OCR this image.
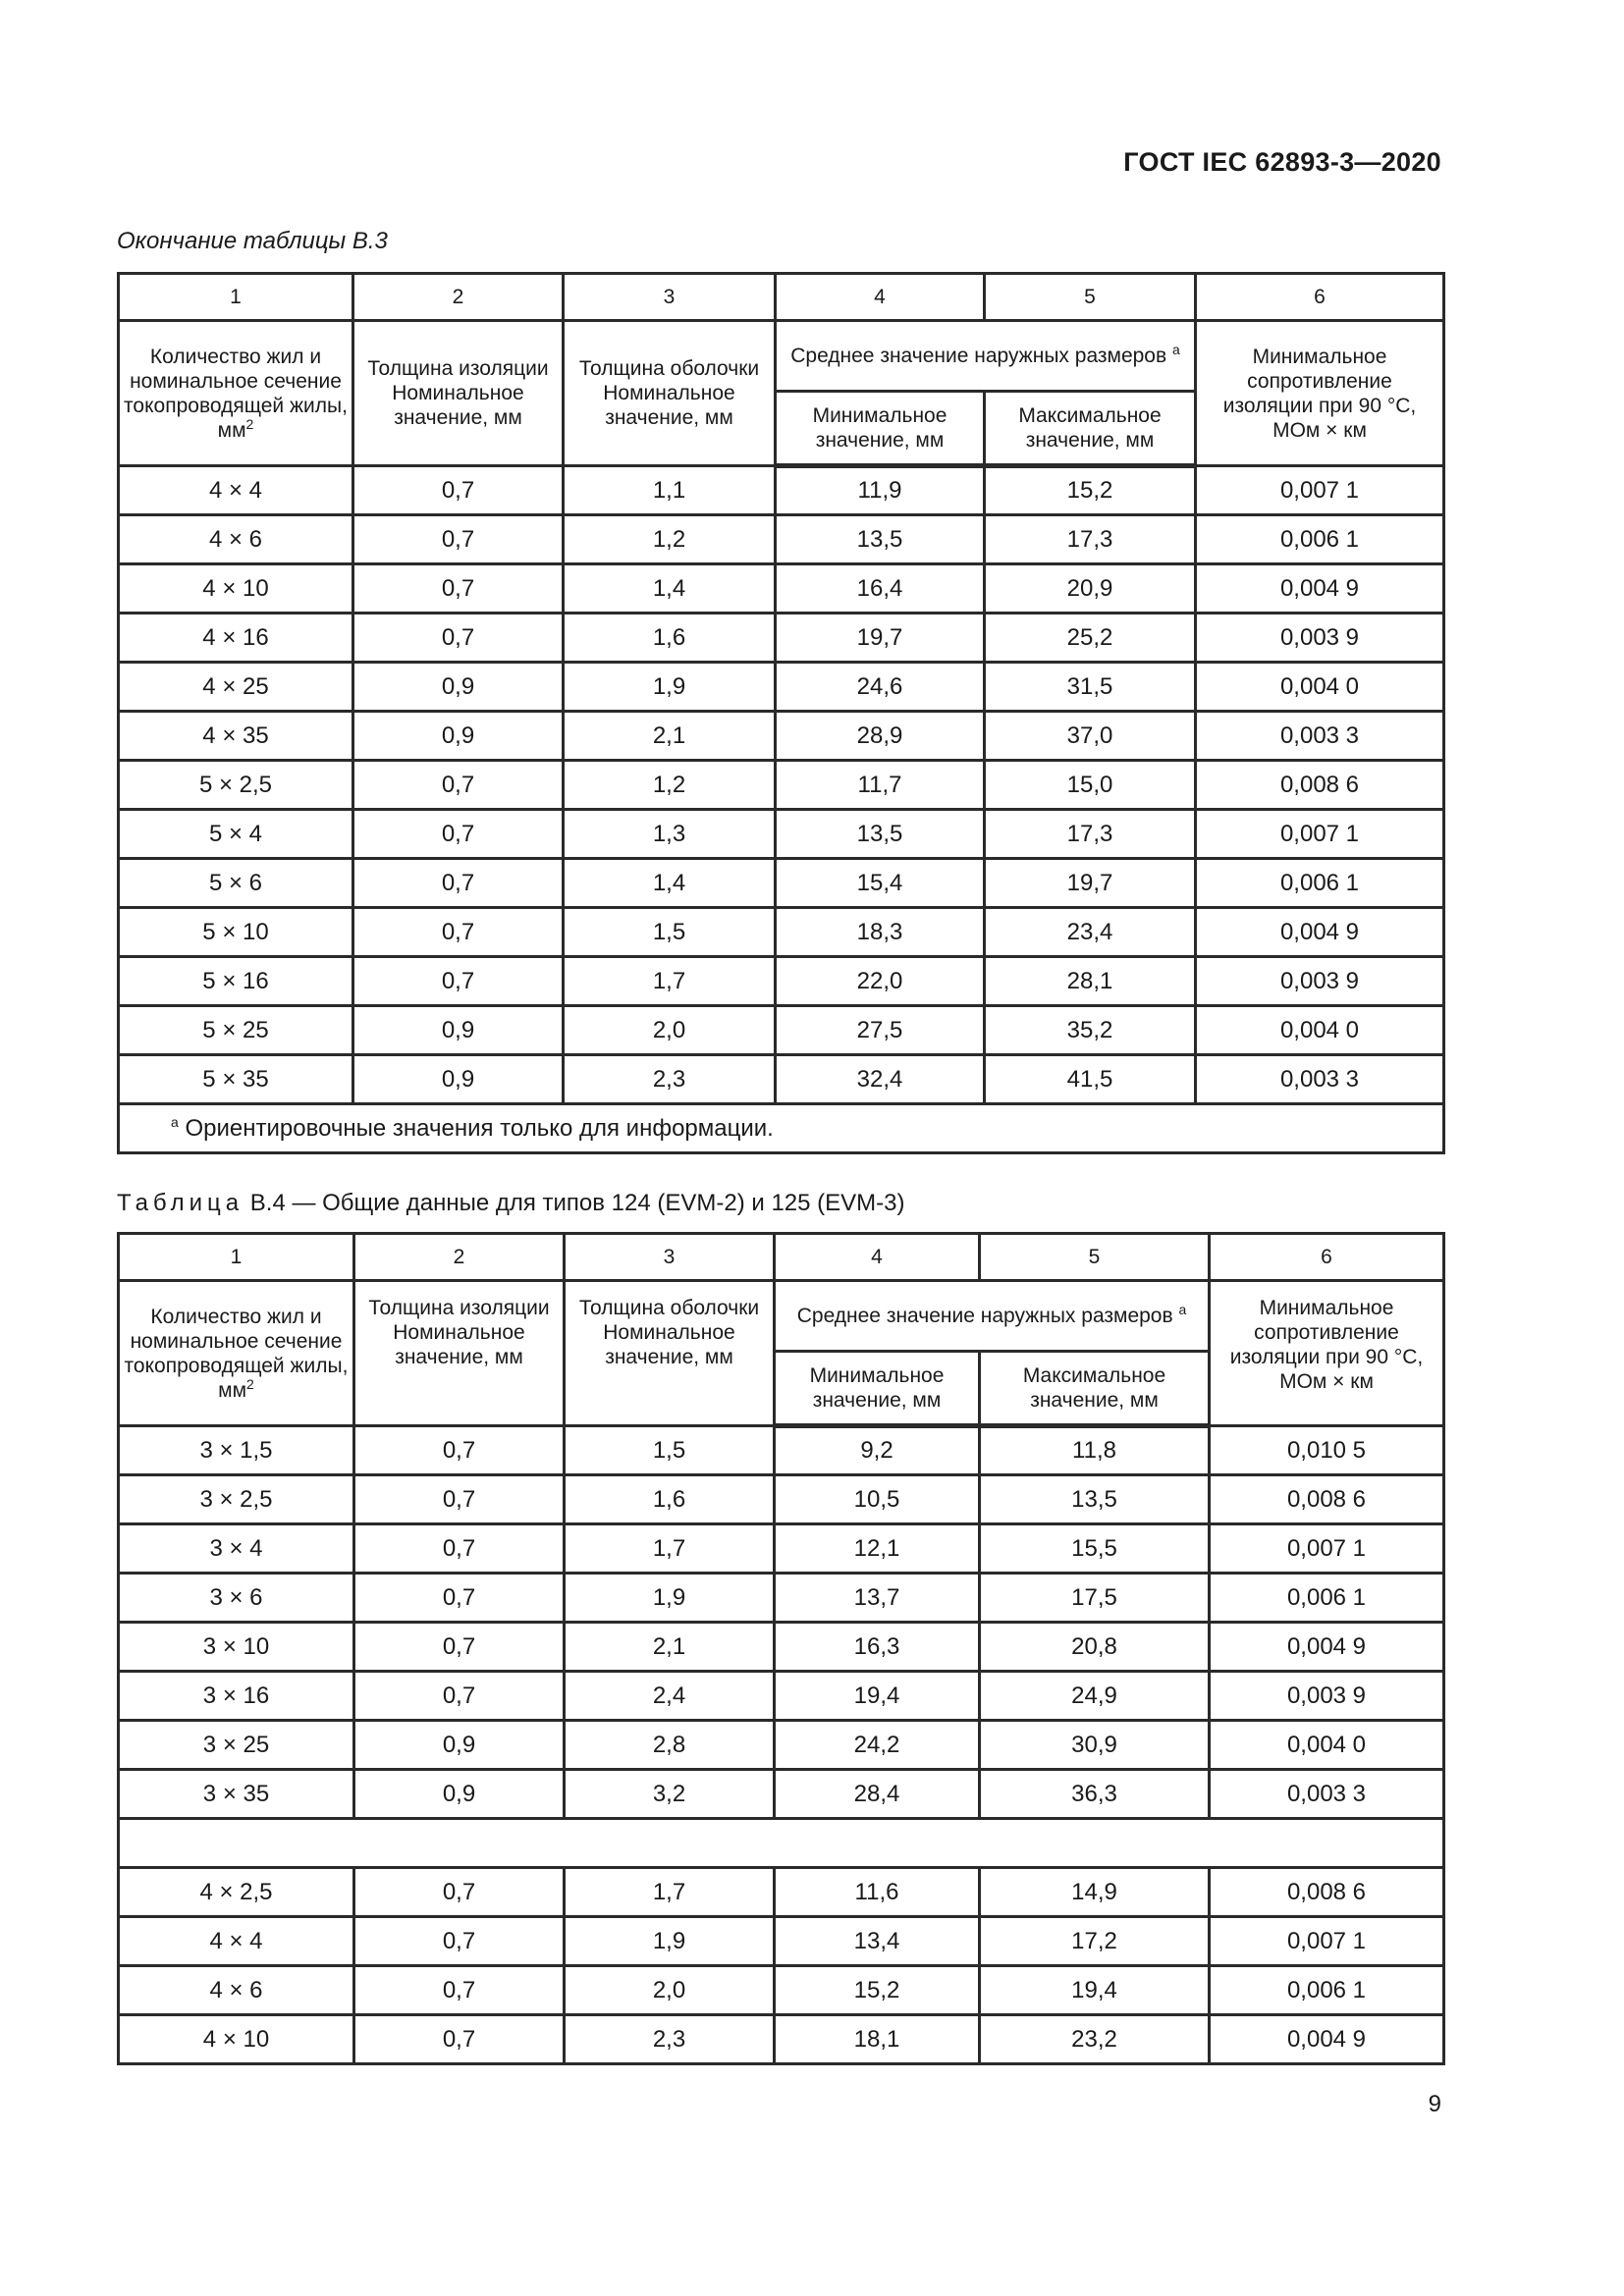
ГОСТ IEC 62893-3—2020
Окончание таблицы В.3
1	2	3	4	5	6
Количество жил и номинальное сечение токопроводящей жилы, $мм^2$	Толщина изоляции Номинальное значение, мм	Толщина оболочки Номинальное значение, мм	Среднее значение наружных размеров $^a$		Минимальное сопротивление изоляции при 90 °C, МОм × км
			Минимальное значение, мм	Максимальное значение, мм	
4 × 4	0,7	1,1	11,9	15,2	0,007 1
4 × 6	0,7	1,2	13,5	17,3	0,006 1
4 × 10	0,7	1,4	16,4	20,9	0,004 9
4 × 16	0,7	1,6	19,7	25,2	0,003 9
4 × 25	0,9	1,9	24,6	31,5	0,004 0
4 × 35	0,9	2,1	28,9	37,0	0,003 3
5 × 2,5	0,7	1,2	11,7	15,0	0,008 6
5 × 4	0,7	1,3	13,5	17,3	0,007 1
5 × 6	0,7	1,4	15,4	19,7	0,006 1
5 × 10	0,7	1,5	18,3	23,4	0,004 9
5 × 16	0,7	1,7	22,0	28,1	0,003 9
5 × 25	0,9	2,0	27,5	35,2	0,004 0
5 × 35	0,9	2,3	32,4	41,5	0,003 3
$^a$ Ориентировочные значения только для информации.					
Таблица В.4 — Общие данные для типов 124 (EVM-2) и 125 (EVM-3)
1	2	3	4	5	6
Количество жил и номинальное сечение токопроводящей жилы, $мм^2$	Толщина изоляции Номинальное значение, мм	Толщина оболочки Номинальное значение, мм	Среднее значение наружных размеров $^a$		Минимальное сопротивление изоляции при 90 °C, МОм × км
			Минимальное значение, мм	Максимальное значение, мм	
3 × 1,5	0,7	1,5	9,2	11,8	0,010 5
3 × 2,5	0,7	1,6	10,5	13,5	0,008 6
3 × 4	0,7	1,7	12,1	15,5	0,007 1
3 × 6	0,7	1,9	13,7	17,5	0,006 1
3 × 10	0,7	2,1	16,3	20,8	0,004 9
3 × 16	0,7	2,4	19,4	24,9	0,003 9
3 × 25	0,9	2,8	24,2	30,9	0,004 0
3 × 35	0,9	3,2	28,4	36,3	0,003 3

4 × 2,5	0,7	1,7	11,6	14,9	0,008 6
4 × 4	0,7	1,9	13,4	17,2	0,007 1
4 × 6	0,7	2,0	15,2	19,4	0,006 1
4 × 10	0,7	2,3	18,1	23,2	0,004 9
9
